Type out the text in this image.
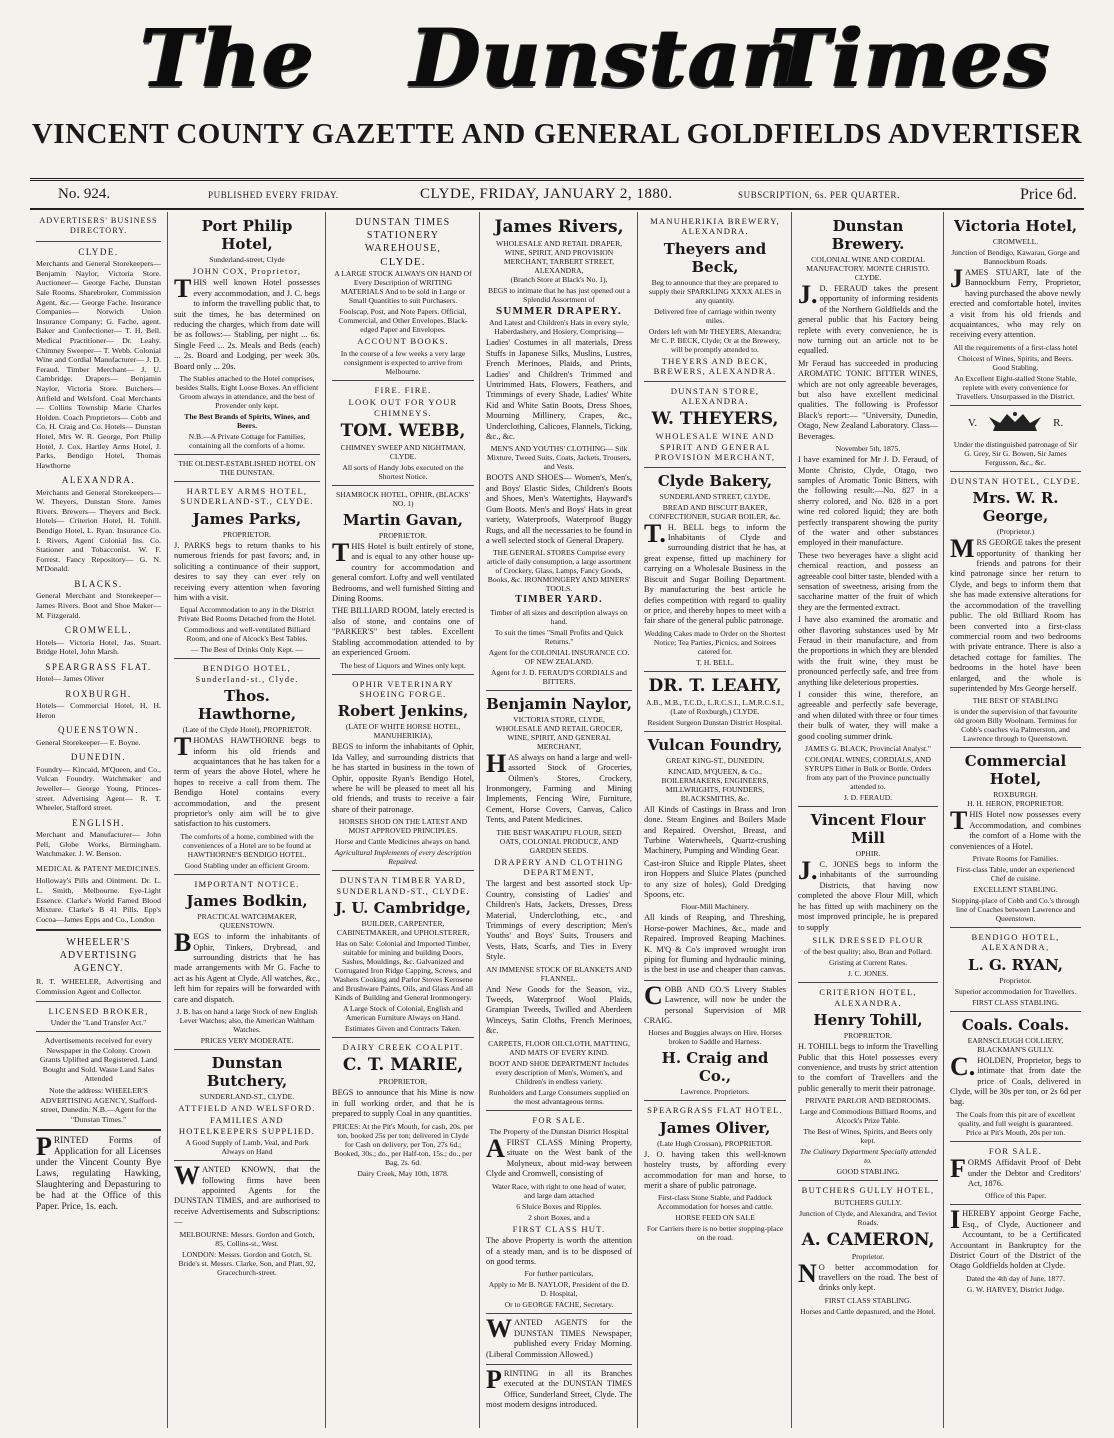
The Dunstan
Times
VINCENT COUNTY GAZETTE AND GENERAL GOLDFIELDS ADVERTISER
No. 924.	PUBLISHED EVERY FRIDAY.	CLYDE, FRIDAY, JANUARY 2, 1880.	SUBSCRIPTION, 6s. PER QUARTER.	Price 6d.
ADVERTISERS' BUSINESS DIRECTORY.
CLYDE.

Merchants and General Storekeepers— Benjamin Naylor, Victoria Store. Auctioneer— George Fache, Dunstan Sale Rooms. Sharebroker, Commission Agent, &c.— George Fache. Insurance Companies— Norwich Union Insurance Company; G. Fache, agent. Baker and Confectioner— T. H. Bell. Medical Practitioner— Dr. Leahy. Chimney Sweeper— T. Webb. Colonial Wine and Cordial Manufacturer— J. D. Feraud. Timber Merchant— J. U. Cambridge. Drapers— Benjamin Naylor, Victoria Store. Butchers— Attfield and Welsford. Coal Merchants— Collins Township Marie Charles Holden. Coach Proprietors— Cobb and Co. H. Craig and Co. Hotels— Dunstan Hotel, Mrs W. R. George, Port Philip Hotel, J. Cox, Hartley Arms Hotel, J. Parks, Bendigo Hotel, Thomas Hawthorne

ALEXANDRA.

Merchants and General Storekeepers— W. Theyers, Dunstan Store. James Rivers. Brewers— Theyers and Beck. Hotels— Criterion Hotel, H. Tohill. Bendigo Hotel, L. Ryan. Insurance Co. I. Rivers, Agent Colonial Ins. Co. Stationer and Tobacconist. W. F. Forrest. Fancy Repository— G. N. M'Donald.

BLACKS.

General Merchant and Storekeeper— James Rivers. Boot and Shoe Maker— M. Fitzgerald.

CROMWELL.

Hotels— Victoria Hotel, Jas. Stuart. Bridge Hotel, John Marsh.

SPEARGRASS FLAT.

Hotel— James Oliver

ROXBURGH.

Hotels— Commercial Hotel, H. H. Heron

QUEENSTOWN.

General Storekeeper— E. Boyne.

DUNEDIN.

Foundry— Kincaid, M'Queen, and Co., Vulcan Foundry. Watchmaker and Jeweller— George Young, Princes-street. Advertising Agent— R. T. Wheeler, Stafford street.

ENGLISH.

Merchant and Manufacturer— John Pell, Globe Works, Birmingham. Watchmaker. J. W. Benson.

MEDICAL & PATENT MEDICINES.

Holloway's Pills and Ointment. Dr. L. L. Smith, Melbourne. Eye-Light Essence. Clarke's World Famed Blood Mixture. Clarke's B 41 Pills. Epp's Cocoa—James Epps and Co., London

WHEELER'S ADVERTISING AGENCY.

R. T. WHEELER, Advertising and Commission Agent and Collector.

LICENSED BROKER,
Under the "Land Transfer Act."

Advertisements received for every Newspaper in the Colony. Crown Grants Uplifted and Registered. Land Bought and Sold. Waste Land Sales Attended

Note the address: WHEELER'S ADVERTISING AGENCY, Stafford-street, Dunedin. N.B.—Agent for the "Dunstan Times."

PRINTED Forms of Application for all Licenses under the Vincent County Bye Laws, regulating Hawking, Slaughtering and Depasturing to be had at the Office of this Paper. Price, 1s. each.

Port Philip Hotel,
Sunderland-street, Clyde
JOHN COX, Proprietor,

THIS well known Hotel possesses every accommodation, and J. C. begs to inform the travelling public that, to suit the times, he has determined on reducing the charges, which from date will be as follows:— Stabling, per night ... 6s. Single Feed ... 2s. Meals and Beds (each) ... 2s. Board and Lodging, per week 30s. Board only ... 20s.

The Stables attached to the Hotel comprises, besides Stalls, Eight Loose Boxes. An efficient Groom always in attendance, and the best of Provender only kept.

The Best Brands of Spirits, Wines, and Beers.

N.B.—A Private Cottage for Families, containing all the comforts of a home.

THE OLDEST-ESTABLISHED HOTEL ON THE DUNSTAN.
HARTLEY ARMS HOTEL, SUNDERLAND-ST., CLYDE.
James Parks,
PROPRIETOR.

J. PARKS begs to return thanks to his numerous friends for past favors; and, in soliciting a continuance of their support, desires to say they can ever rely on receiving every attention when favoring him with a visit.

Equal Accommodation to any in the District Private Bed Rooms Detached from the Hotel.

Commodious and well-ventilated Billiard Room, and one of Alcock's Best Tables.

— The Best of Drinks Only Kept. —

BENDIGO HOTEL, Sunderland-st., Clyde.
Thos. Hawthorne,
(Late of the Clyde Hotel), PROPRIETOR.

THOMAS HAWTHORNE begs to inform his old friends and acquaintances that he has taken for a term of years the above Hotel, where he hopes to receive a call from them. The Bendigo Hotel contains every accommodation, and the present proprietor's only aim will be to give satisfaction to his customers.

The comforts of a home, combined with the conveniences of a Hotel are to be found at HAWTHORNE'S BENDIGO HOTEL.

Good Stabling under an efficient Groom.

IMPORTANT NOTICE.
James Bodkin,
PRACTICAL WATCHMAKER, QUEENSTOWN.

BEGS to inform the inhabitants of Ophir, Tinkers, Drybread, and surrounding districts that he has made arrangements with Mr G. Fache to act as his Agent at Clyde. All watches, &c., left him for repairs will be forwarded with care and dispatch.

J. B. has on hand a large Stock of new English Lever Watches; also, the American Waltham Watches.

PRICES VERY MODERATE.

Dunstan Butchery,
SUNDERLAND-ST., CLYDE.
ATTFIELD AND WELSFORD.
FAMILIES AND HOTELKEEPERS SUPPLIED.

A Good Supply of Lamb, Veal, and Pork Always on Hand

WANTED KNOWN, that the following firms have been appointed Agents for the DUNSTAN TIMES, and are authorised to receive Advertisements and Subscriptions:—

MELBOURNE: Messrs. Gordon and Gotch, 85, Collins-st., West.

LONDON: Messrs. Gordon and Gotch, St. Bride's st. Messrs. Clarke, Son, and Platt, 92, Gracechurch-street.

DUNSTAN TIMES STATIONERY WAREHOUSE,
CLYDE.

A LARGE STOCK ALWAYS ON HAND Of Every Description of WRITING MATERIALS And to be sold in Large or Small Quantities to suit Purchasers.

Foolscap, Post, and Note Papers. Official, Commercial, and Other Envelopes. Black-edged Paper and Envelopes.

ACCOUNT BOOKS.

In the course of a few weeks a very large consignment is expected to arrive from Melbourne.

FIRE. FIRE.
LOOK OUT FOR YOUR CHIMNEYS.
TOM. WEBB,
CHIMNEY SWEEP AND NIGHTMAN, CLYDE.

All sorts of Handy Jobs executed on the Shortest Notice.

SHAMROCK HOTEL, OPHIR, (BLACKS' NO. 1)
Martin Gavan,
PROPRIETOR.

THIS Hotel is built entirely of stone, and is equal to any other house up-country for accommodation and general comfort. Lofty and well ventilated Bedrooms, and well furnished Sitting and Dining Rooms.

THE BILLIARD ROOM, lately erected is also of stone, and contains one of "PARKER'S" best tables. Excellent Stabling accommodation attended to by an experienced Groom.

The best of Liquors and Wines only kept.

OPHIR VETERINARY SHOEING FORGE.
Robert Jenkins,
(LATE OF WHITE HORSE HOTEL, MANUHERIKIA),

BEGS to inform the inhabitants of Ophir, Ida Valley, and surrounding districts that he has started in business in the town of Ophir, opposite Ryan's Bendigo Hotel, where he will be pleased to meet all his old friends, and trusts to receive a fair share of their patronage.

HORSES SHOD ON THE LATEST AND MOST APPROVED PRINCIPLES.

Horse and Cattle Medicines always on hand.

Agricultural Implements of every description Repaired.

DUNSTAN TIMBER YARD, SUNDERLAND-ST., CLYDE.
J. U. Cambridge,
BUILDER, CARPENTER, CABINETMAKER, and UPHOLSTERER,

Has on Sale: Colonial and Imported Timber, suitable for mining and building Doors, Sashes, Mouldings, &c. Galvanized and Corrugated Iron Ridge Capping, Screws, and Washers Cooking and Parlor Stoves Kerosene and Brushware Paints, Oils, and Glass And all Kinds of Building and General Ironmongery.

A Large Stock of Colonial, English and American Furniture Always on Hand.

Estimates Given and Contracts Taken.

DAIRY CREEK COALPIT.
C. T. MARIE,
PROPRIETOR,

BEGS to announce that his Mine is now in full working order, and that he is prepared to supply Coal in any quantities.

PRICES: At the Pit's Mouth, for cash, 20s. per ton, booked 25s per ton; delivered in Clyde for Cash on delivery, per Ton, 27s 6d.; Booked, 30s.; do., per Half-ton, 15s.; do., per Bag, 2s. 6d.

Dairy Creek, May 10th, 1878.

James Rivers,
WHOLESALE AND RETAIL DRAPER, WINE, SPIRIT, AND PROVISION MERCHANT, TARBERT STREET, ALEXANDRA,
(Branch Store at Black's No. 1),

BEGS to intimate that he has just opened out a Splendid Assortment of

SUMMER DRAPERY.

And Latest and Children's Hats in every style, Haberdashery, and Hosiery, Comprising—

Ladies' Costumes in all materials, Dress Stuffs in Japanese Silks, Muslins, Lustres, French Merinoes, Plaids, and Prints, Ladies' and Children's Trimmed and Untrimmed Hats, Flowers, Feathers, and Trimmings of every Shade, Ladies' White Kid and White Satin Boots, Dress Shoes, Mourning Millinery, Crapes, &c., Underclothing, Calicoes, Flannels, Ticking, &c., &c.

MEN'S AND YOUTHS' CLOTHING— Silk Mixture, Tweed Suits, Coats, Jackets, Trousers, and Vests.

BOOTS AND SHOES— Women's, Men's, and Boys' Elastic Sides, Children's Boots and Shoes, Men's Watertights, Hayward's Gum Boots. Men's and Boys' Hats in great variety, Waterproofs, Waterproof Buggy Rugs, and all the necessaries to be found in a well selected stock of General Drapery.

THE GENERAL STORES Comprise every article of daily consumption, a large assortment of Crockery, Glass, Lamps, Fancy Goods, Books, &c. IRONMONGERY AND MINERS' TOOLS.

TIMBER YARD.

Timber of all sizes and description always on hand.

To suit the times "Small Profits and Quick Returns."

Agent for the COLONIAL INSURANCE CO. OF NEW ZEALAND.

Agent for J. D. FERAUD'S CORDIALS and BITTERS.

Benjamin Naylor,
VICTORIA STORE, CLYDE,
WHOLESALE AND RETAIL GROCER, WINE, SPIRIT, AND GENERAL MERCHANT,

HAS always on hand a large and well-assorted Stock of Groceries, Oilmen's Stores, Crockery, Ironmongery, Farming and Mining Implements, Fencing Wire, Furniture, Cement, Horse Covers, Canvas, Calico Tents, and Patent Medicines.

THE BEST WAKATIPU FLOUR, SEED OATS, COLONIAL PRODUCE, AND GARDEN SEEDS.

DRAPERY AND CLOTHING DEPARTMENT,

The largest and best assorted stock Up-Country, consisting of Ladies' and Children's Hats, Jackets, Dresses, Dress Material, Underclothing, etc., and Trimmings of every description; Men's Youths' and Boys' Suits, Trousers and Vests, Hats, Scarfs, and Ties in Every Style.

AN IMMENSE STOCK OF BLANKETS AND FLANNEL.

And New Goods for the Season, viz., Tweeds, Waterproof Wool Plaids, Grampian Tweeds, Twilled and Aberdeen Winceys, Satin Cloths, French Merinoes, &c.

CARPETS, FLOOR OILCLOTH, MATTING, AND MATS OF EVERY KIND.

BOOT AND SHOE DEPARTMENT Includes every description of Men's, Women's, and Children's in endless variety.

Runholders and Large Consumers supplied on the most advantageous terms.

FOR SALE.

The Property of the Dunstan District Hospital

AFIRST CLASS Mining Property, situate on the West bank of the Molyneux, about mid-way between Clyde and Cromwell, consisting of

Water Race, with right to one head of water, and large dam attached

6 Sluice Boxes and Ripples.

2 short Boxes, and a

FIRST CLASS HUT.

The above Property is worth the attention of a steady man, and is to be disposed of on good terms.

For further particulars,

Apply to Mr B. NAYLOR, President of the D. D. Hospital,

Or to GEORGE FACHE, Secretary.

WANTED AGENTS for the DUNSTAN TIMES Newspaper, published every Friday Morning. (Liberal Commission Allowed.)

PRINTING in all its Branches executed at the DUNSTAN TIMES Office, Sunderland Street, Clyde. The most modern designs introduced.

MANUHERIKIA BREWERY, ALEXANDRA.
Theyers and Beck,

Beg to announce that they are prepared to supply their SPARKLING XXXX ALES in any quantity.

Delivered free of carriage within twenty miles.

Orders left with Mr THEYERS, Alexandra; Mr C. P. BECK, Clyde; Or at the Brewery, will be promptly attended to.

THEYERS AND BECK, BREWERS, ALEXANDRA.

DUNSTAN STORE, ALEXANDRA.
W. THEYERS,

WHOLESALE WINE AND SPIRIT AND GENERAL PROVISION MERCHANT,

Clyde Bakery,
SUNDERLAND STREET, CLYDE.

BREAD AND BISCUIT BAKER, CONFECTIONER, SUGAR BOILER, &c.

T.H. BELL begs to inform the Inhabitants of Clyde and surrounding district that he has, at great expense, fitted up machinery for carrying on a Wholesale Business in the Biscuit and Sugar Boiling Department. By manufacturing the best article he defies competition with regard to quality or price, and thereby hopes to meet with a fair share of the general public patronage.

Wedding Cakes made to Order on the Shortest Notice; Tea Parties, Picnics, and Soirees catered for.

T. H. BELL.

DR. T. LEAHY,

A.B., M.B., T.C.D., L.R.C.S.I., L.M.R.C.S.I., (Late of Roxburgh,) CLYDE.

Resident Surgeon Dunstan District Hospital.

Vulcan Foundry,
GREAT KING-ST., DUNEDIN.

KINCAID, M'QUEEN, & Co., BOILERMAKERS, ENGINEERS, MILLWRIGHTS, FOUNDERS, BLACKSMITHS, &c.

All Kinds of Castings in Brass and Iron done. Steam Engines and Boilers Made and Repaired. Overshot, Breast, and Turbine Waterwheels, Quartz-crushing Machinery, Pumping and Winding Gear.

Cast-iron Sluice and Ripple Plates, sheet iron Hoppers and Sluice Plates (punched to any size of holes), Gold Dredging Spoons, etc.

Flour-Mill Machinery.

All kinds of Reaping, and Threshing, Horse-power Machines, &c., made and Repaired. Improved Reaping Machines. K. M'Q & Co's improved wrought iron piping for fluming and hydraulic mining, is the best in use and cheaper than canvas.

COBB AND CO.'S Livery Stables Lawrence, will now be under the personal Supervision of MR CRAIG.

Horses and Buggies always on Hire. Horses broken to Saddle and Harness.

H. Craig and Co.,

Lawrence. Proprietors.

SPEARGRASS FLAT HOTEL.
James Oliver,
(Late Hugh Crossan), PROPRIETOR.

J. O. having taken this well-known hostelry trusts, by affording every accommodation for man and horse, to merit a share of public patronage.

First-class Stone Stable, and Paddock Accommodation for horses and cattle.

HORSE FEED ON SALE

For Carriers there is no better stopping-place on the road.

Dunstan Brewery.

COLONIAL WINE AND CORDIAL MANUFACTORY. MONTE CHRISTO. CLYDE.

J.D. FERAUD takes the present opportunity of informing residents of the Northern Goldfields and the general public that his Factory being replete with every convenience, he is now turning out an article not to be equalled.

Mr Feraud has succeeded in producing AROMATIC TONIC BITTER WINES, which are not only agreeable beverages, but also have excellent medicinal qualities. The following is Professor Black's report:— "University, Dunedin, Otago, New Zealand Laboratory. Class—Beverages.

November 5th, 1875.

I have examined for Mr J. D. Feraud, of Monte Christo, Clyde, Otago, two samples of Aromatic Tonic Bitters, with the following result:—No. 827 in a sherry colored, and No. 828 in a port wine red colored liquid; they are both perfectly transparent showing the purity of the water and other substances employed in their manufacture.

These two beverages have a slight acid chemical reaction, and possess an agreeable cool bitter taste, blended with a sensation of sweetness, arising from the saccharine matter of the fruit of which they are the fermented extract.

I have also examined the aromatic and other flavoring substances used by Mr Feraud in their manufacture, and from the proportions in which they are blended with the fruit wine, they must be pronounced perfectly safe, and free from anything like deleterious properties.

I consider this wine, therefore, an agreeable and perfectly safe beverage, and when diluted with three or four times their bulk of water, they will make a good cooling summer drink.

JAMES G. BLACK, Provincial Analyst."

COLONIAL WINES, CORDIALS, AND SYRUPS Either in Bulk or Bottle. Orders from any part of the Province punctually attended to.

J. D. FERAUD.

Vincent Flour Mill
OPHIR.

J.C. JONES begs to inform the inhabitants of the surrounding Districts, that having now completed the above Flour Mill, which he has fitted up with machinery on the most improved principle, he is prepared to supply

SILK DRESSED FLOUR

of the best quality; also, Bran and Pollard.

Gristing at Current Rates.

J. C. JONES.

CRITERION HOTEL, ALEXANDRA.
Henry Tohill,
PROPRIETOR.

H. TOHILL begs to inform the Travelling Public that this Hotel possesses every convenience, and trusts by strict attention to the comfort of Travellers and the public generally to merit their patronage.

PRIVATE PARLOR AND BEDROOMS.

Large and Commodious Billiard Rooms, and Alcock's Prize Table.

The Best of Wines, Spirits, and Beers only kept.

The Culinary Department Specially attended to.

GOOD STABLING.

BUTCHERS GULLY HOTEL,
BUTCHERS GULLY.

Junction of Clyde, and Alexandra, and Teviot Roads.

A. CAMERON,
Proprietor.

NO better accommodation for travellers on the road. The best of drinks only kept.

FIRST CLASS STABLING.

Horses and Cattle depastured, and the Hotel.

Victoria Hotel,
CROMWELL.

Junction of Bendigo, Kawarau, Gorge and Bannockburn Roads.

JAMES STUART, late of the Bannockburn Ferry, Proprietor, having purchased the above newly erected and comfortable hotel, invites a visit from his old friends and acquaintances, who may rely on receiving every attention.

All the requirements of a first-class hotel

Choicest of Wines, Spirits, and Beers. Good Stabling.

An Excellent Eight-stalled Stone Stable, replete with every convenience for Travellers. Unsurpassed in the District.

V.	R.

Under the distinguished patronage of Sir G. Grey, Sir G. Bowen, Sir James Fergusson, &c., &c.

DUNSTAN HOTEL, CLYDE.
Mrs. W. R. George,
(Proprietor.)

MRS GEORGE takes the present opportunity of thanking her friends and patrons for their kind patronage since her return to Clyde, and begs to inform them that she has made extensive alterations for the accommodation of the travelling public. The old Billiard Room has been converted into a first-class commercial room and two bedrooms with private entrance. There is also a detached cottage for families. The bedrooms in the hotel have been enlarged, and the whole is superintended by Mrs George herself.

THE BEST OF STABLING

is under the supervision of that favourite old groom Billy Woolnam. Terminus for Cobb's coaches via Palmerston, and Lawrence through to Queenstown.

Commercial Hotel,
ROXBURGH.
H. H. HERON, PROPRIETOR.

THIS Hotel now possesses every Accommodation, and combines the comfort of a Home with the conveniences of a Hotel.

Private Rooms for Families.

First-class Table, under an experienced Chef de cuisine.

EXCELLENT STABLING.

Stopping-place of Cobb and Co.'s through line of Coaches between Lawrence and Queenstown.

BENDIGO HOTEL, ALEXANDRA,
L. G. RYAN,
Proprietor.

Superior accommodation for Travellers.

FIRST CLASS STABLING.

Coals. Coals.
EARNSCLEUGH COLLIERY, BLACKMAN'S GULLY.

C.HOLDEN, Proprietor, begs to intimate that from date the price of Coals, delivered in Clyde, will be 30s per ton, or 2s 6d per bag.

The Coals from this pit are of excellent quality, and full weight is guaranteed. Price at Pit's Mouth, 20s per ton.

FOR SALE.

FORMS Affidavit Proof of Debt under the Debtor and Creditors' Act, 1876.

Office of this Paper.

IHEREBY appoint George Fache, Esq., of Clyde, Auctioneer and Accountant, to be a Certificated Accountant in Bankruptcy for the District Court of the District of the Otago Goldfields holden at Clyde.

Dated the 4th day of June, 1877.

G. W. HARVEY, District Judge.
